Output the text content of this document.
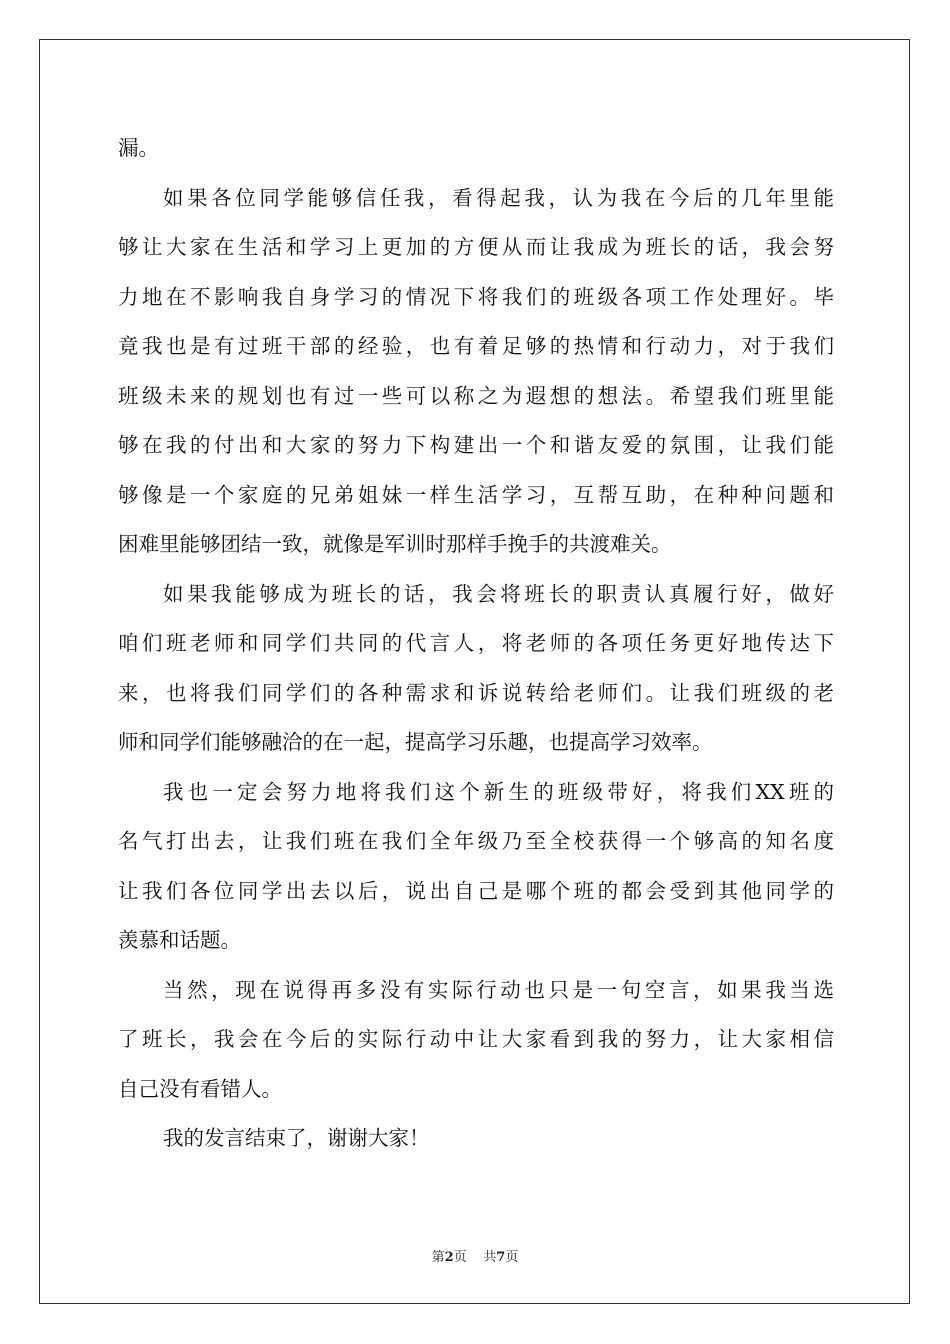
漏。
如果各位同学能够信任我，看得起我，认为我在今后的几年里能
够让大家在生活和学习上更加的方便从而让我成为班长的话，我会努
力地在不影响我自身学习的情况下将我们的班级各项工作处理好。毕
竟我也是有过班干部的经验，也有着足够的热情和行动力，对于我们
班级未来的规划也有过一些可以称之为遐想的想法。希望我们班里能
够在我的付出和大家的努力下构建出一个和谐友爱的氛围，让我们能
够像是一个家庭的兄弟姐妹一样生活学习，互帮互助，在种种问题和
困难里能够团结一致，就像是军训时那样手挽手的共渡难关。
如果我能够成为班长的话，我会将班长的职责认真履行好，做好
咱们班老师和同学们共同的代言人，将老师的各项任务更好地传达下
来，也将我们同学们的各种需求和诉说转给老师们。让我们班级的老
师和同学们能够融洽的在一起，提高学习乐趣，也提高学习效率。
我也一定会努力地将我们这个新生的班级带好，将我们XX班的
名气打出去，让我们班在我们全年级乃至全校获得一个够高的知名度
让我们各位同学出去以后，说出自己是哪个班的都会受到其他同学的
羡慕和话题。
当然，现在说得再多没有实际行动也只是一句空言，如果我当选
了班长，我会在今后的实际行动中让大家看到我的努力，让大家相信
自己没有看错人。
我的发言结束了，谢谢大家！
第2页 共7页
